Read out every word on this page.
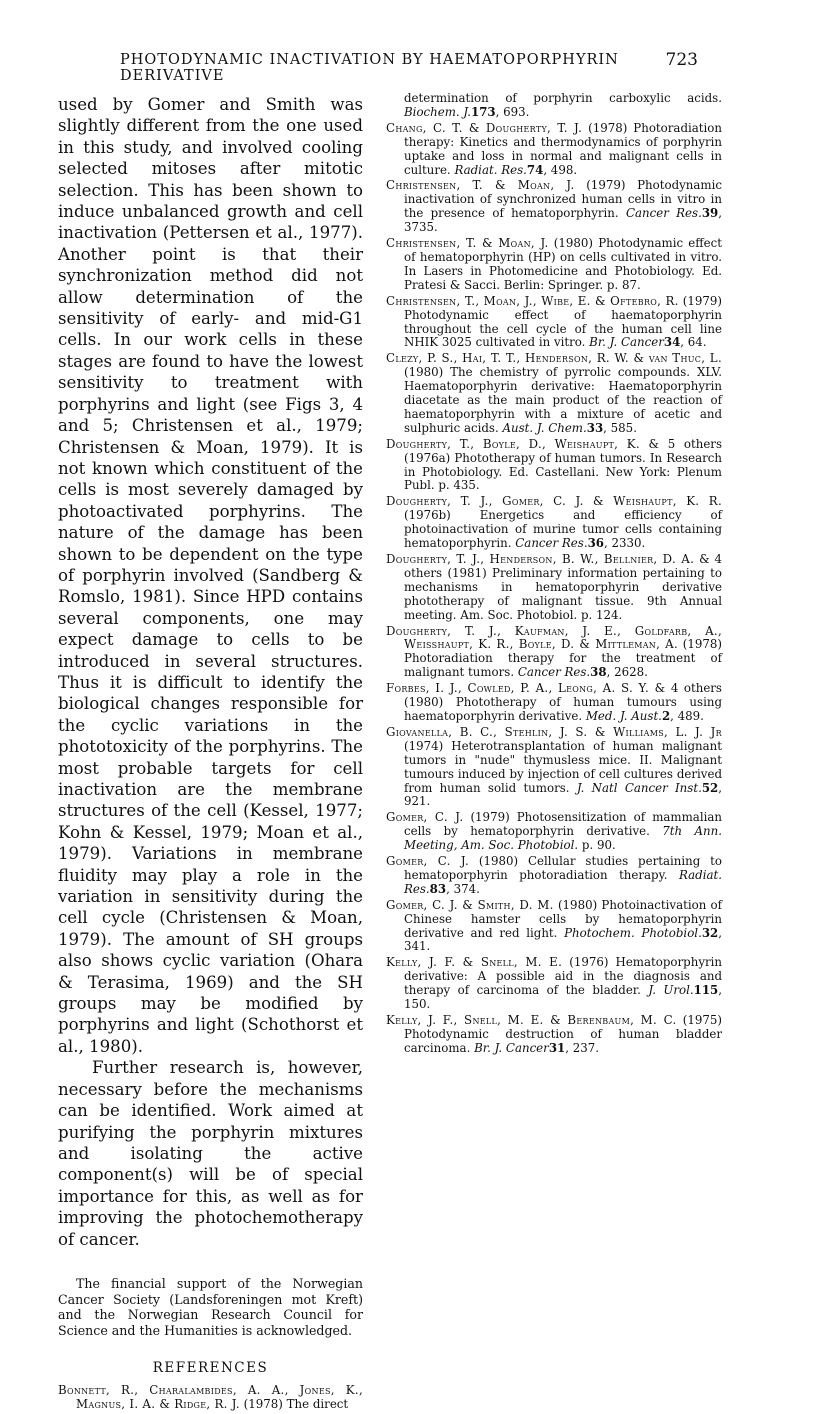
PHOTODYNAMIC INACTIVATION BY HAEMATOPORPHYRIN DERIVATIVE
723

used by Gomer and Smith was slightly different from the one used in this study, and involved cooling selected mitoses after mitotic selection. This has been shown to induce unbalanced growth and cell inactivation (Pettersen et al., 1977). Another point is that their synchronization method did not allow determination of the sensitivity of early- and mid-G1 cells. In our work cells in these stages are found to have the lowest sensitivity to treatment with porphyrins and light (see Figs 3, 4 and 5; Christensen et al., 1979; Christensen & Moan, 1979). It is not known which constituent of the cells is most severely damaged by photoactivated porphyrins. The nature of the damage has been shown to be dependent on the type of porphyrin involved (Sandberg & Romslo, 1981). Since HPD contains several components, one may expect damage to cells to be introduced in several structures. Thus it is difficult to identify the biological changes responsible for the cyclic variations in the phototoxicity of the porphyrins. The most probable targets for cell inactivation are the membrane structures of the cell (Kessel, 1977; Kohn & Kessel, 1979; Moan et al., 1979). Variations in membrane fluidity may play a role in the variation in sensitivity during the cell cycle (Christensen & Moan, 1979). The amount of SH groups also shows cyclic variation (Ohara & Terasima, 1969) and the SH groups may be modified by porphyrins and light (Schothorst et al., 1980).

Further research is, however, necessary before the mechanisms can be identified. Work aimed at purifying the porphyrin mixtures and isolating the active component(s) will be of special importance for this, as well as for improving the photochemotherapy of cancer.

The financial support of the Norwegian Cancer Society (Landsforeningen mot Kreft) and the Norwegian Research Council for Science and the Humanities is acknowledged.

REFERENCES

Bonnett, R., Charalambides, A. A., Jones, K., Magnus, I. A. & Ridge, R. J. (1978) The direct

determination of porphyrin carboxylic acids. Biochem. J.173, 693.

Chang, C. T. & Dougherty, T. J. (1978) Photoradiation therapy: Kinetics and thermodynamics of porphyrin uptake and loss in normal and malignant cells in culture. Radiat. Res.74, 498.

Christensen, T. & Moan, J. (1979) Photodynamic inactivation of synchronized human cells in vitro in the presence of hematoporphyrin. Cancer Res.39, 3735.

Christensen, T. & Moan, J. (1980) Photodynamic effect of hematoporphyrin (HP) on cells cultivated in vitro. In Lasers in Photomedicine and Photobiology. Ed. Pratesi & Sacci. Berlin: Springer. p. 87.

Christensen, T., Moan, J., Wibe, E. & Oftebro, R. (1979) Photodynamic effect of haematoporphyrin throughout the cell cycle of the human cell line NHIK 3025 cultivated in vitro. Br. J. Cancer34, 64.

Clezy, P. S., Hai, T. T., Henderson, R. W. & van Thuc, L. (1980) The chemistry of pyrrolic compounds. XLV. Haematoporphyrin derivative: Haematoporphyrin diacetate as the main product of the reaction of haematoporphyrin with a mixture of acetic and sulphuric acids. Aust. J. Chem.33, 585.

Dougherty, T., Boyle, D., Weishaupt, K. & 5 others (1976a) Phototherapy of human tumors. In Research in Photobiology. Ed. Castellani. New York: Plenum Publ. p. 435.

Dougherty, T. J., Gomer, C. J. & Weishaupt, K. R. (1976b) Energetics and efficiency of photoinactivation of murine tumor cells containing hematoporphyrin. Cancer Res.36, 2330.

Dougherty, T. J., Henderson, B. W., Bellnier, D. A. & 4 others (1981) Preliminary information pertaining to mechanisms in hematoporphyrin derivative phototherapy of malignant tissue. 9th Annual meeting. Am. Soc. Photobiol. p. 124.

Dougherty, T. J., Kaufman, J. E., Goldfarb, A., Weisshaupt, K. R., Boyle, D. & Mittleman, A. (1978) Photoradiation therapy for the treatment of malignant tumors. Cancer Res.38, 2628.

Forbes, I. J., Cowled, P. A., Leong, A. S. Y. & 4 others (1980) Phototherapy of human tumours using haematoporphyrin derivative. Med. J. Aust.2, 489.

Giovanella, B. C., Stehlin, J. S. & Williams, L. J. Jr (1974) Heterotransplantation of human malignant tumors in "nude" thymusless mice. II. Malignant tumours induced by injection of cell cultures derived from human solid tumors. J. Natl Cancer Inst.52, 921.

Gomer, C. J. (1979) Photosensitization of mammalian cells by hematoporphyrin derivative. 7th Ann. Meeting, Am. Soc. Photobiol. p. 90.

Gomer, C. J. (1980) Cellular studies pertaining to hematoporphyrin photoradiation therapy. Radiat. Res.83, 374.

Gomer, C. J. & Smith, D. M. (1980) Photoinactivation of Chinese hamster cells by hematoporphyrin derivative and red light. Photochem. Photobiol.32, 341.

Kelly, J. F. & Snell, M. E. (1976) Hematoporphyrin derivative: A possible aid in the diagnosis and therapy of carcinoma of the bladder. J. Urol.115, 150.

Kelly, J. F., Snell, M. E. & Berenbaum, M. C. (1975) Photodynamic destruction of human bladder carcinoma. Br. J. Cancer31, 237.
